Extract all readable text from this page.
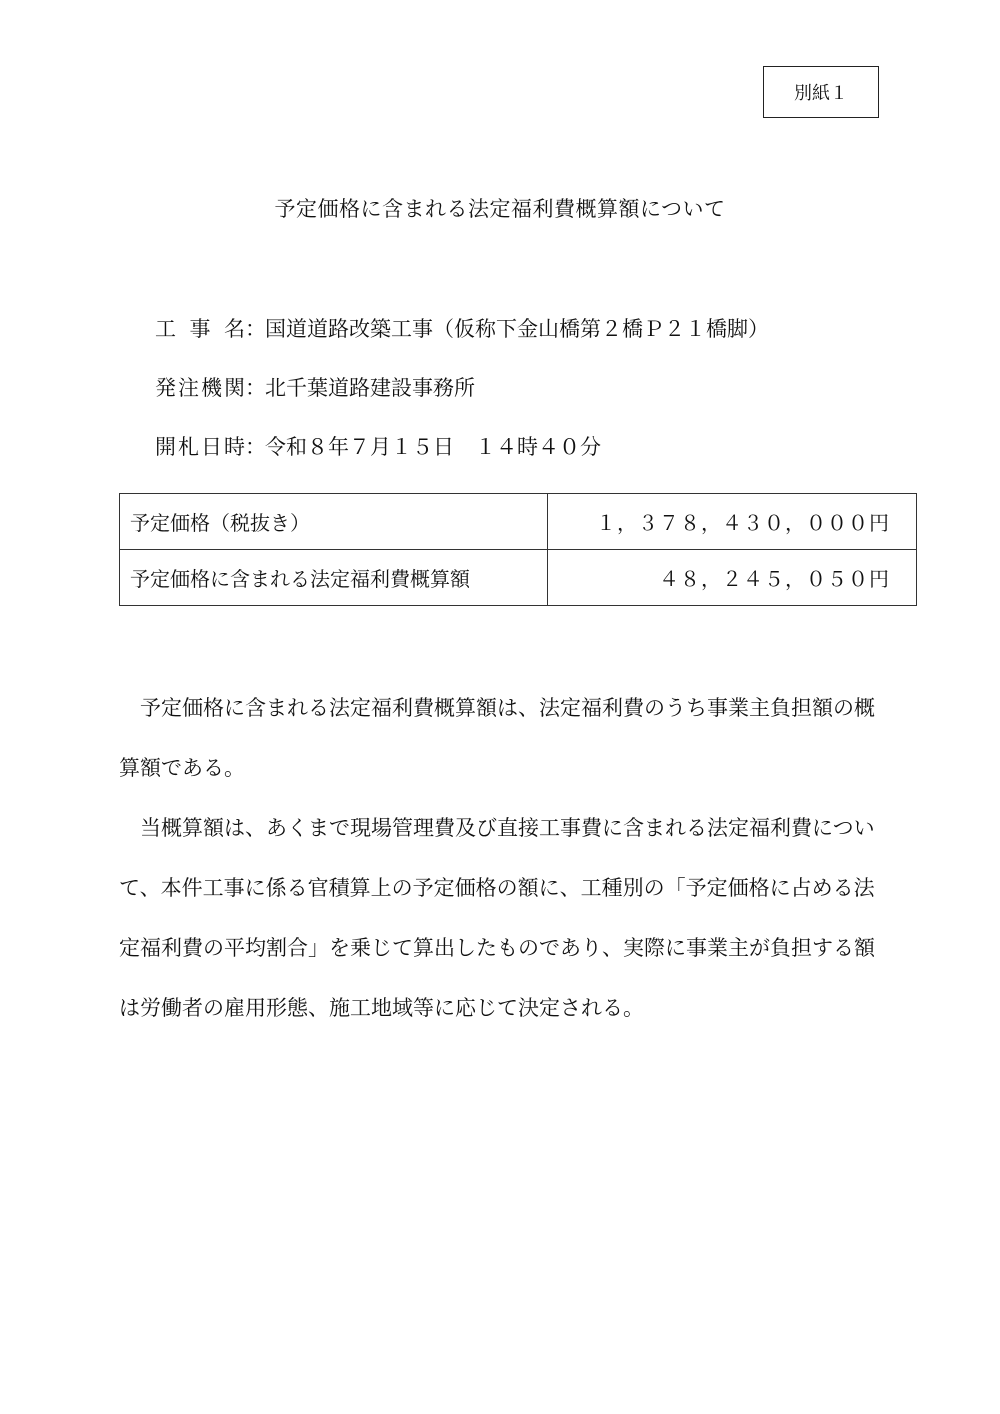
別紙１
予定価格に含まれる法定福利費概算額について
工事名 ： 国道道路改築工事（仮称下金山橋第２橋Ｐ２１橋脚）
発注機関 ： 北千葉道路建設事務所
開札日時 ： 令和８年７月１５日　１４時４０分
予定価格（税抜き）	１，３７８，４３０，０００円
予定価格に含まれる法定福利費概算額	４８，２４５，０５０円

予定価格に含まれる法定福利費概算額は、法定福利費のうち事業主負担額の概算額である。

当概算額は、あくまで現場管理費及び直接工事費に含まれる法定福利費について、本件工事に係る官積算上の予定価格の額に、工種別の「予定価格に占める法定福利費の平均割合」を乗じて算出したものであり、実際に事業主が負担する額は労働者の雇用形態、施工地域等に応じて決定される。
